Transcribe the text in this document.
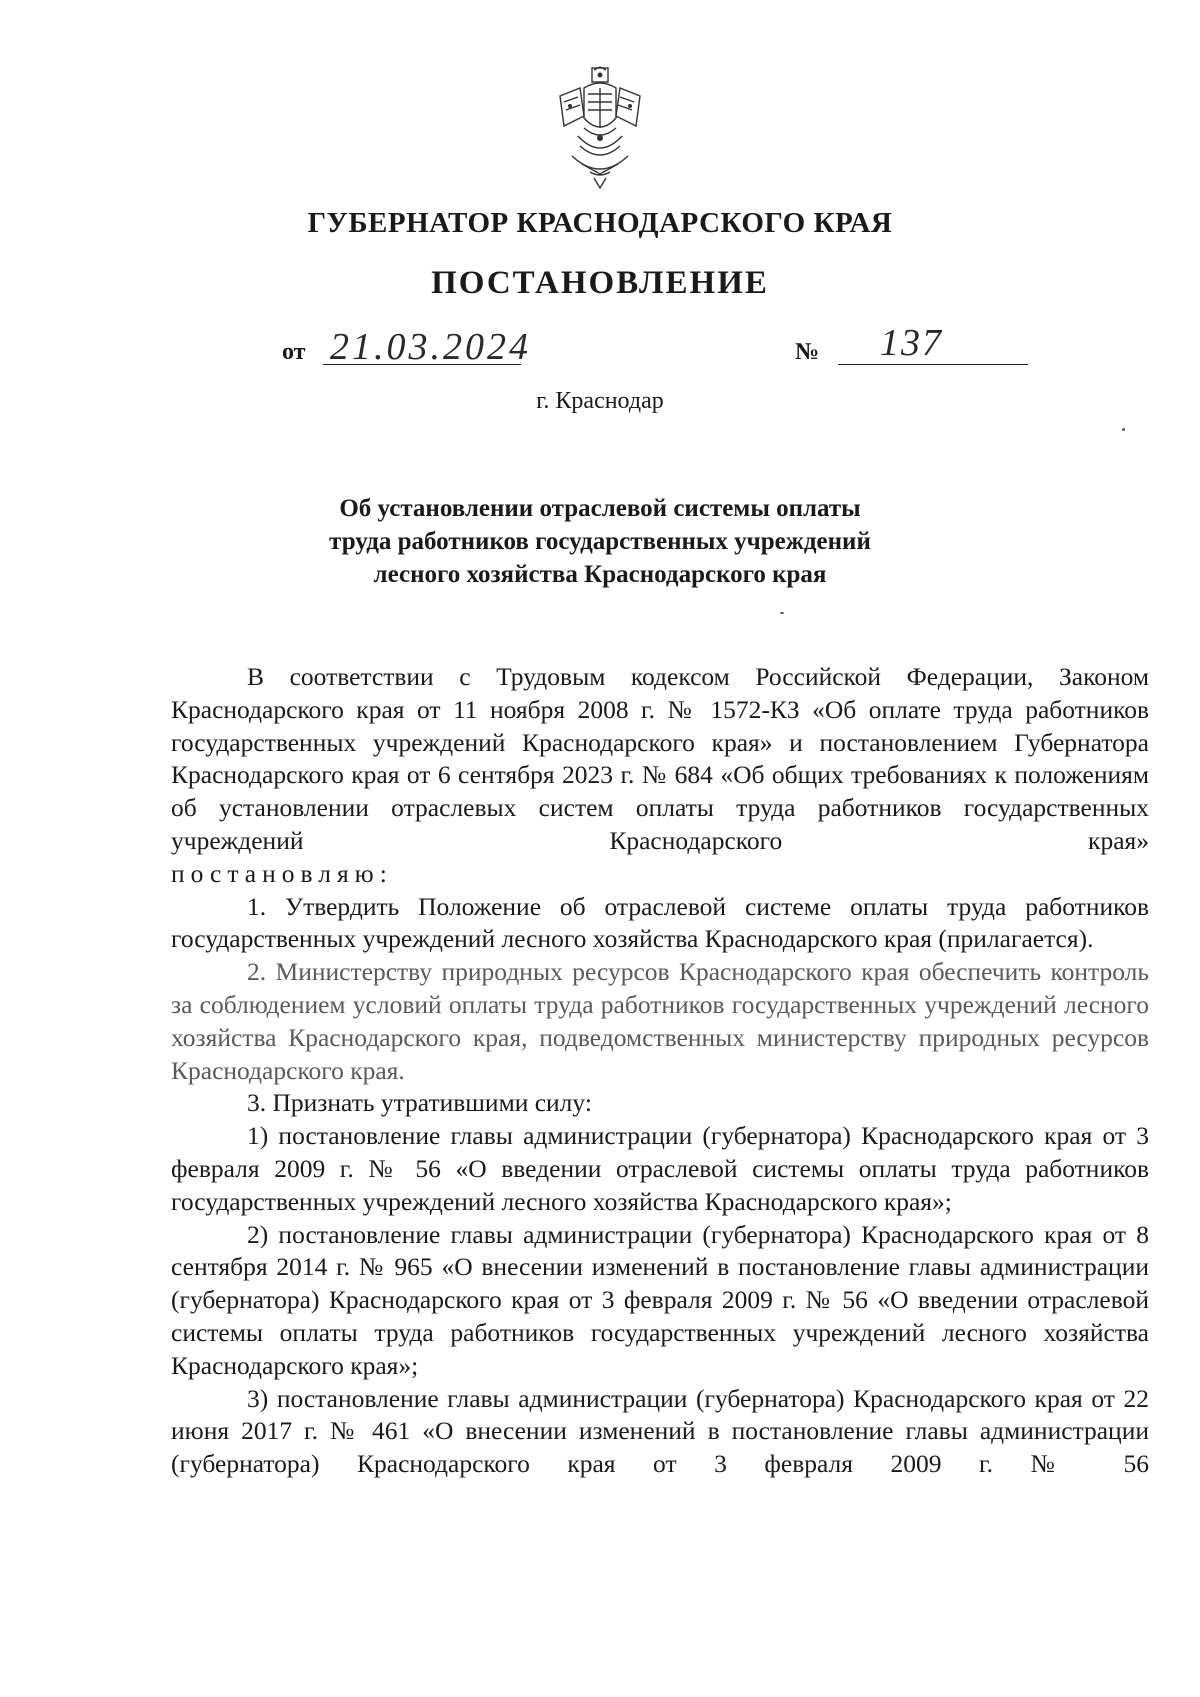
ГУБЕРНАТОР КРАСНОДАРСКОГО КРАЯ
ПОСТАНОВЛЕНИЕ
от 21.03.2024	№ 137
г. Краснодар
Об установлении отраслевой системы оплаты
труда работников государственных учреждений
лесного хозяйства Краснодарского края

В соответствии с Трудовым кодексом Российской Федерации, Законом Краснодарского края от 11 ноября 2008 г. № 1572-КЗ «Об оплате труда работников государственных учреждений Краснодарского края» и постановлением Губернатора Краснодарского края от 6 сентября 2023 г. № 684 «Об общих требованиях к положениям об установлении отраслевых систем оплаты труда работников государственных учреждений Краснодарского края»

постановляю:

1. Утвердить Положение об отраслевой системе оплаты труда работников государственных учреждений лесного хозяйства Краснодарского края (прилагается).

2. Министерству природных ресурсов Краснодарского края обеспечить контроль за соблюдением условий оплаты труда работников государственных учреждений лесного хозяйства Краснодарского края, подведомственных министерству природных ресурсов Краснодарского края.

3. Признать утратившими силу:

1) постановление главы администрации (губернатора) Краснодарского края от 3 февраля 2009 г. № 56 «О введении отраслевой системы оплаты труда работников государственных учреждений лесного хозяйства Краснодарского края»;

2) постановление главы администрации (губернатора) Краснодарского края от 8 сентября 2014 г. № 965 «О внесении изменений в постановление главы администрации (губернатора) Краснодарского края от 3 февраля 2009 г. № 56 «О введении отраслевой системы оплаты труда работников государственных учреждений лесного хозяйства Краснодарского края»;

3) постановление главы администрации (губернатора) Краснодарского края от 22 июня 2017 г. № 461 «О внесении изменений в постановление главы администрации (губернатора) Краснодарского края от 3 февраля 2009 г. № 56
